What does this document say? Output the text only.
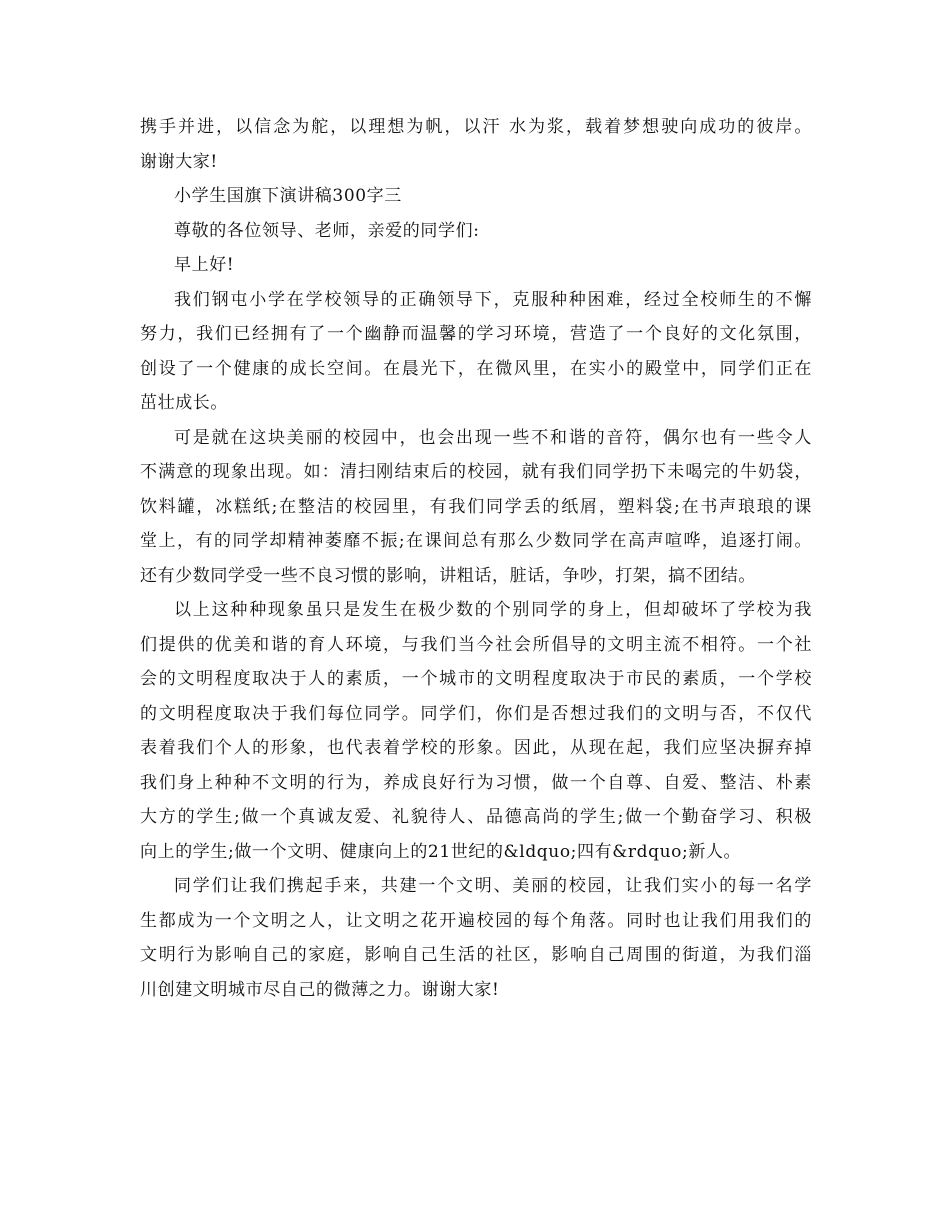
携手并进，以信念为舵，以理想为帆，以汗 水为浆，载着梦想驶向成功的彼岸。
谢谢大家!
小学生国旗下演讲稿300字三
尊敬的各位领导、老师，亲爱的同学们:
早上好!
我们钢屯小学在学校领导的正确领导下，克服种种困难，经过全校师生的不懈
努力，我们已经拥有了一个幽静而温馨的学习环境，营造了一个良好的文化氛围，
创设了一个健康的成长空间。在晨光下，在微风里，在实小的殿堂中，同学们正在
茁壮成长。
可是就在这块美丽的校园中，也会出现一些不和谐的音符，偶尔也有一些令人
不满意的现象出现。如：清扫刚结束后的校园，就有我们同学扔下未喝完的牛奶袋，
饮料罐，冰糕纸;在整洁的校园里，有我们同学丢的纸屑，塑料袋;在书声琅琅的课
堂上，有的同学却精神萎靡不振;在课间总有那么少数同学在高声喧哗，追逐打闹。
还有少数同学受一些不良习惯的影响，讲粗话，脏话，争吵，打架，搞不团结。
以上这种种现象虽只是发生在极少数的个别同学的身上，但却破坏了学校为我
们提供的优美和谐的育人环境，与我们当今社会所倡导的文明主流不相符。一个社
会的文明程度取决于人的素质，一个城市的文明程度取决于市民的素质，一个学校
的文明程度取决于我们每位同学。同学们，你们是否想过我们的文明与否，不仅代
表着我们个人的形象，也代表着学校的形象。因此，从现在起，我们应坚决摒弃掉
我们身上种种不文明的行为，养成良好行为习惯，做一个自尊、自爱、整洁、朴素
大方的学生;做一个真诚友爱、礼貌待人、品德高尚的学生;做一个勤奋学习、积极
向上的学生;做一个文明、健康向上的21世纪的&ldquo;四有&rdquo;新人。
同学们让我们携起手来，共建一个文明、美丽的校园，让我们实小的每一名学
生都成为一个文明之人，让文明之花开遍校园的每个角落。同时也让我们用我们的
文明行为影响自己的家庭，影响自己生活的社区，影响自己周围的街道，为我们淄
川创建文明城市尽自己的微薄之力。谢谢大家!
